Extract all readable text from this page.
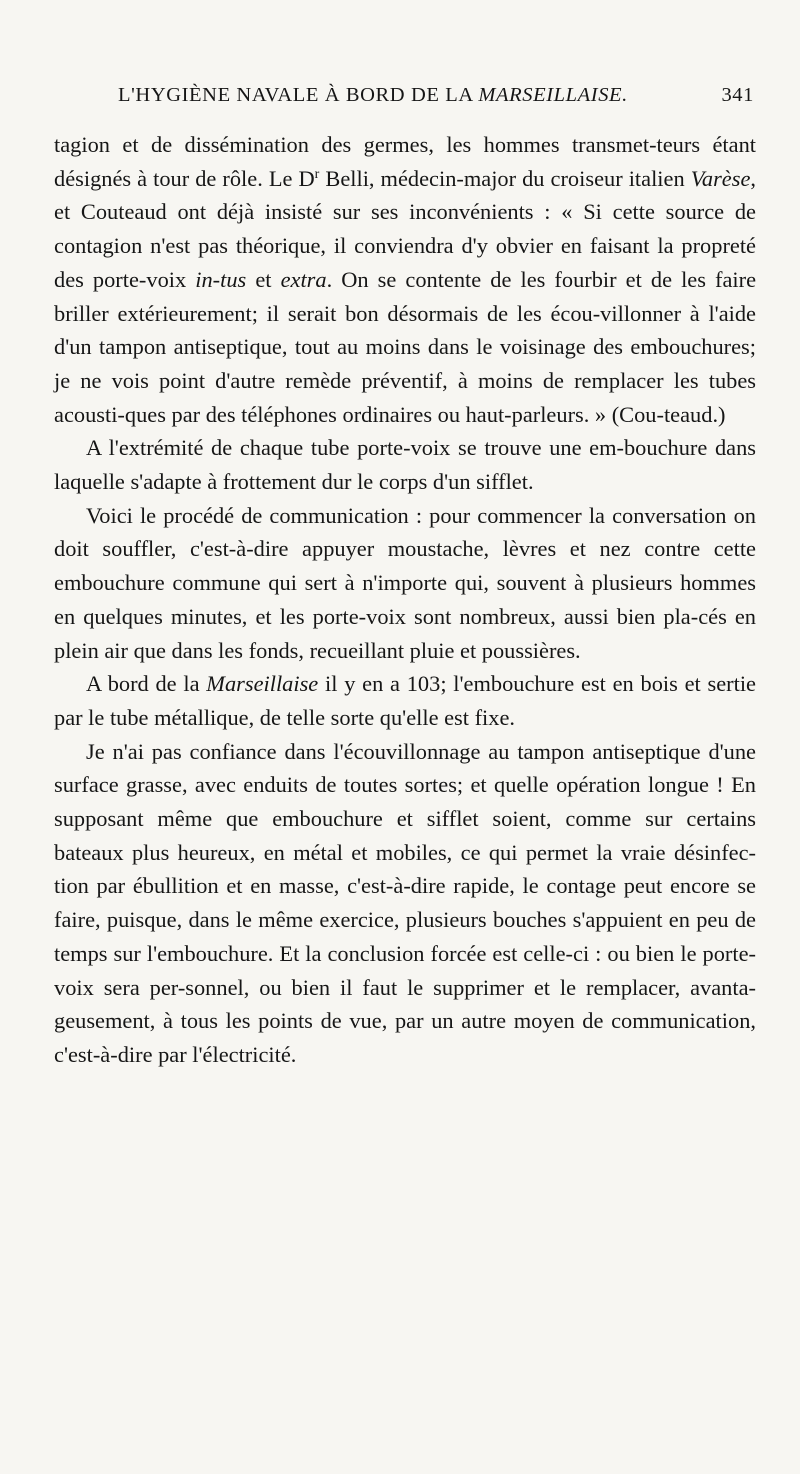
L'HYGIÈNE NAVALE À BORD DE LA MARSEILLAISE.	341

tagion et de dissémination des germes, les hommes transmet-teurs étant désignés à tour de rôle. Le $D^r$ Belli, médecin-major du croiseur italien Varèse, et Couteaud ont déjà insisté sur ses inconvénients : « Si cette source de contagion n'est pas théorique, il conviendra d'y obvier en faisant la propreté des porte-voix in-tus et extra. On se contente de les fourbir et de les faire briller extérieurement; il serait bon désormais de les écou-villonner à l'aide d'un tampon antiseptique, tout au moins dans le voisinage des embouchures; je ne vois point d'autre remède préventif, à moins de remplacer les tubes acousti-ques par des téléphones ordinaires ou haut-parleurs. » (Cou-teaud.)

A l'extrémité de chaque tube porte-voix se trouve une em-bouchure dans laquelle s'adapte à frottement dur le corps d'un sifflet.

Voici le procédé de communication : pour commencer la conversation on doit souffler, c'est-à-dire appuyer moustache, lèvres et nez contre cette embouchure commune qui sert à n'importe qui, souvent à plusieurs hommes en quelques minutes, et les porte-voix sont nombreux, aussi bien pla-cés en plein air que dans les fonds, recueillant pluie et poussières.

A bord de la Marseillaise il y en a 103; l'embouchure est en bois et sertie par le tube métallique, de telle sorte qu'elle est fixe.

Je n'ai pas confiance dans l'écouvillonnage au tampon antiseptique d'une surface grasse, avec enduits de toutes sortes; et quelle opération longue ! En supposant même que embouchure et sifflet soient, comme sur certains bateaux plus heureux, en métal et mobiles, ce qui permet la vraie désinfec-tion par ébullition et en masse, c'est-à-dire rapide, le contage peut encore se faire, puisque, dans le même exercice, plusieurs bouches s'appuient en peu de temps sur l'embouchure. Et la conclusion forcée est celle-ci : ou bien le porte-voix sera per-sonnel, ou bien il faut le supprimer et le remplacer, avanta-geusement, à tous les points de vue, par un autre moyen de communication, c'est-à-dire par l'électricité.
